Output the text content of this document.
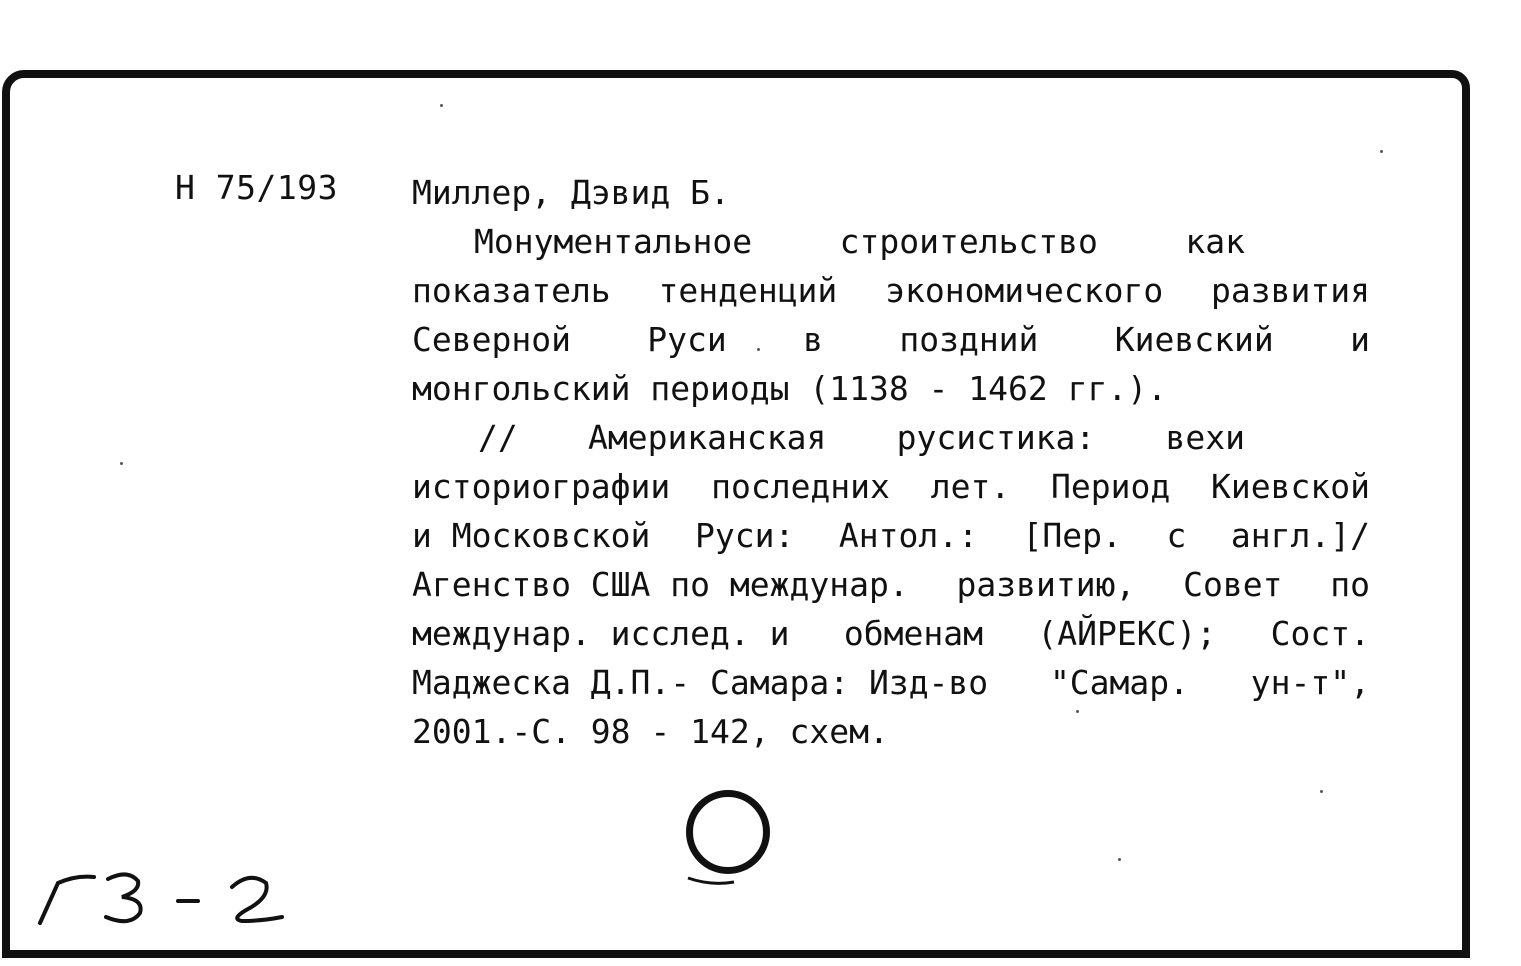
Н 75/193 Миллер, Дэвид Б.
Монументальное	строительство	как
показатель тенденций экономического развития
Северной Руси в поздний Киевский и
монгольский периоды (1138 - 1462 гг.).
// Американская русистика: вехи
историографии последних лет. Период Киевской
и Московской Руси: Антол.: [Пер. с англ.]/
Агенство США по междунар. развитию, Совет по
междунар. исслед. и обменам (АЙРЕКС); Сост.
Маджеска Д.П.- Самара: Изд-во "Самар. ун-т",
2001.-С. 98 - 142, схем.
